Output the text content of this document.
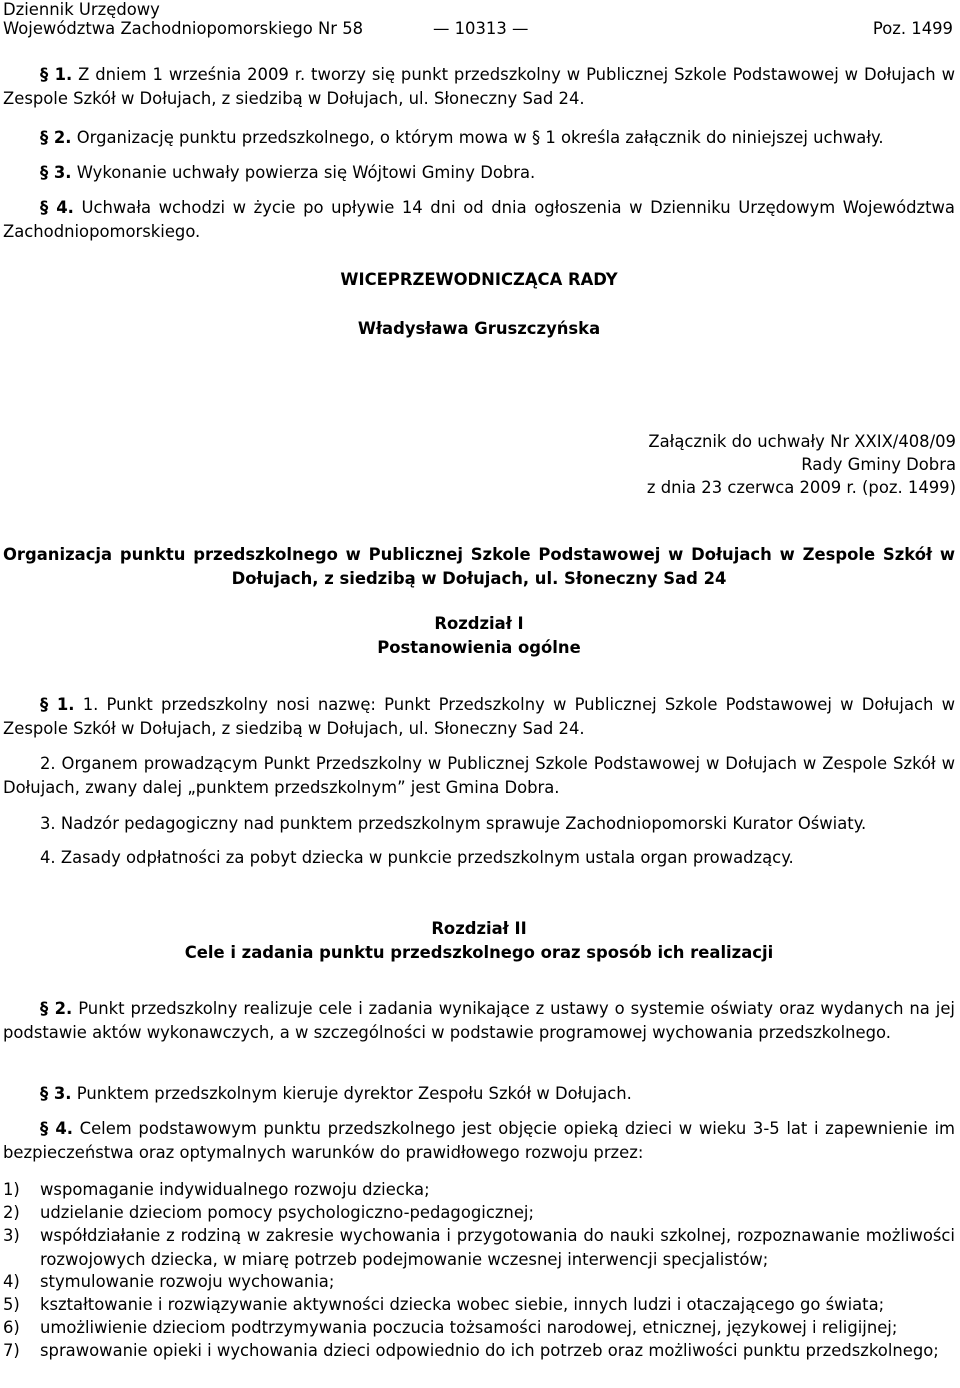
Dziennik Urzędowy
Województwa Zachodniopomorskiego Nr 58	— 10313 —	Poz. 1499
§ 1. Z dniem 1 września 2009 r. tworzy się punkt przedszkolny w Publicznej Szkole Podstawowej w Dołujach w Zespole Szkół w Dołujach, z siedzibą w Dołujach, ul. Słoneczny Sad 24.
§ 2. Organizację punktu przedszkolnego, o którym mowa w § 1 określa załącznik do niniejszej uchwały.
§ 3. Wykonanie uchwały powierza się Wójtowi Gminy Dobra.
§ 4. Uchwała wchodzi w życie po upływie 14 dni od dnia ogłoszenia w Dzienniku Urzędowym Województwa Zachodniopomorskiego.
WICEPRZEWODNICZĄCA RADY
Władysława Gruszczyńska
Załącznik do uchwały Nr XXIX/408/09
Rady Gminy Dobra
z dnia 23 czerwca 2009 r. (poz. 1499)
Organizacja punktu przedszkolnego w Publicznej Szkole Podstawowej w Dołujach w Zespole Szkół w Dołujach, z siedzibą w Dołujach, ul. Słoneczny Sad 24
Rozdział I
Postanowienia ogólne
§ 1. 1. Punkt przedszkolny nosi nazwę: Punkt Przedszkolny w Publicznej Szkole Podstawowej w Dołujach w Zespole Szkół w Dołujach, z siedzibą w Dołujach, ul. Słoneczny Sad 24.
2. Organem prowadzącym Punkt Przedszkolny w Publicznej Szkole Podstawowej w Dołujach w Zespole Szkół w Dołujach, zwany dalej „punktem przedszkolnym” jest Gmina Dobra.
3. Nadzór pedagogiczny nad punktem przedszkolnym sprawuje Zachodniopomorski Kurator Oświaty.
4. Zasady odpłatności za pobyt dziecka w punkcie przedszkolnym ustala organ prowadzący.
Rozdział II
Cele i zadania punktu przedszkolnego oraz sposób ich realizacji
§ 2. Punkt przedszkolny realizuje cele i zadania wynikające z ustawy o systemie oświaty oraz wydanych na jej podstawie aktów wykonawczych, a w szczególności w podstawie programowej wychowania przedszkolnego.
§ 3. Punktem przedszkolnym kieruje dyrektor Zespołu Szkół w Dołujach.
§ 4. Celem podstawowym punktu przedszkolnego jest objęcie opieką dzieci w wieku 3-5 lat i zapewnienie im bezpieczeństwa oraz optymalnych warunków do prawidłowego rozwoju przez:
1)	wspomaganie indywidualnego rozwoju dziecka;
2)	udzielanie dzieciom pomocy psychologiczno-pedagogicznej;
3)	współdziałanie z rodziną w zakresie wychowania i przygotowania do nauki szkolnej, rozpoznawanie możliwości rozwojowych dziecka, w miarę potrzeb podejmowanie wczesnej interwencji specjalistów;
4)	stymulowanie rozwoju wychowania;
5)	kształtowanie i rozwiązywanie aktywności dziecka wobec siebie, innych ludzi i otaczającego go świata;
6)	umożliwienie dzieciom podtrzymywania poczucia tożsamości narodowej, etnicznej, językowej i religijnej;
7)	sprawowanie opieki i wychowania dzieci odpowiednio do ich potrzeb oraz możliwości punktu przedszkolnego;
